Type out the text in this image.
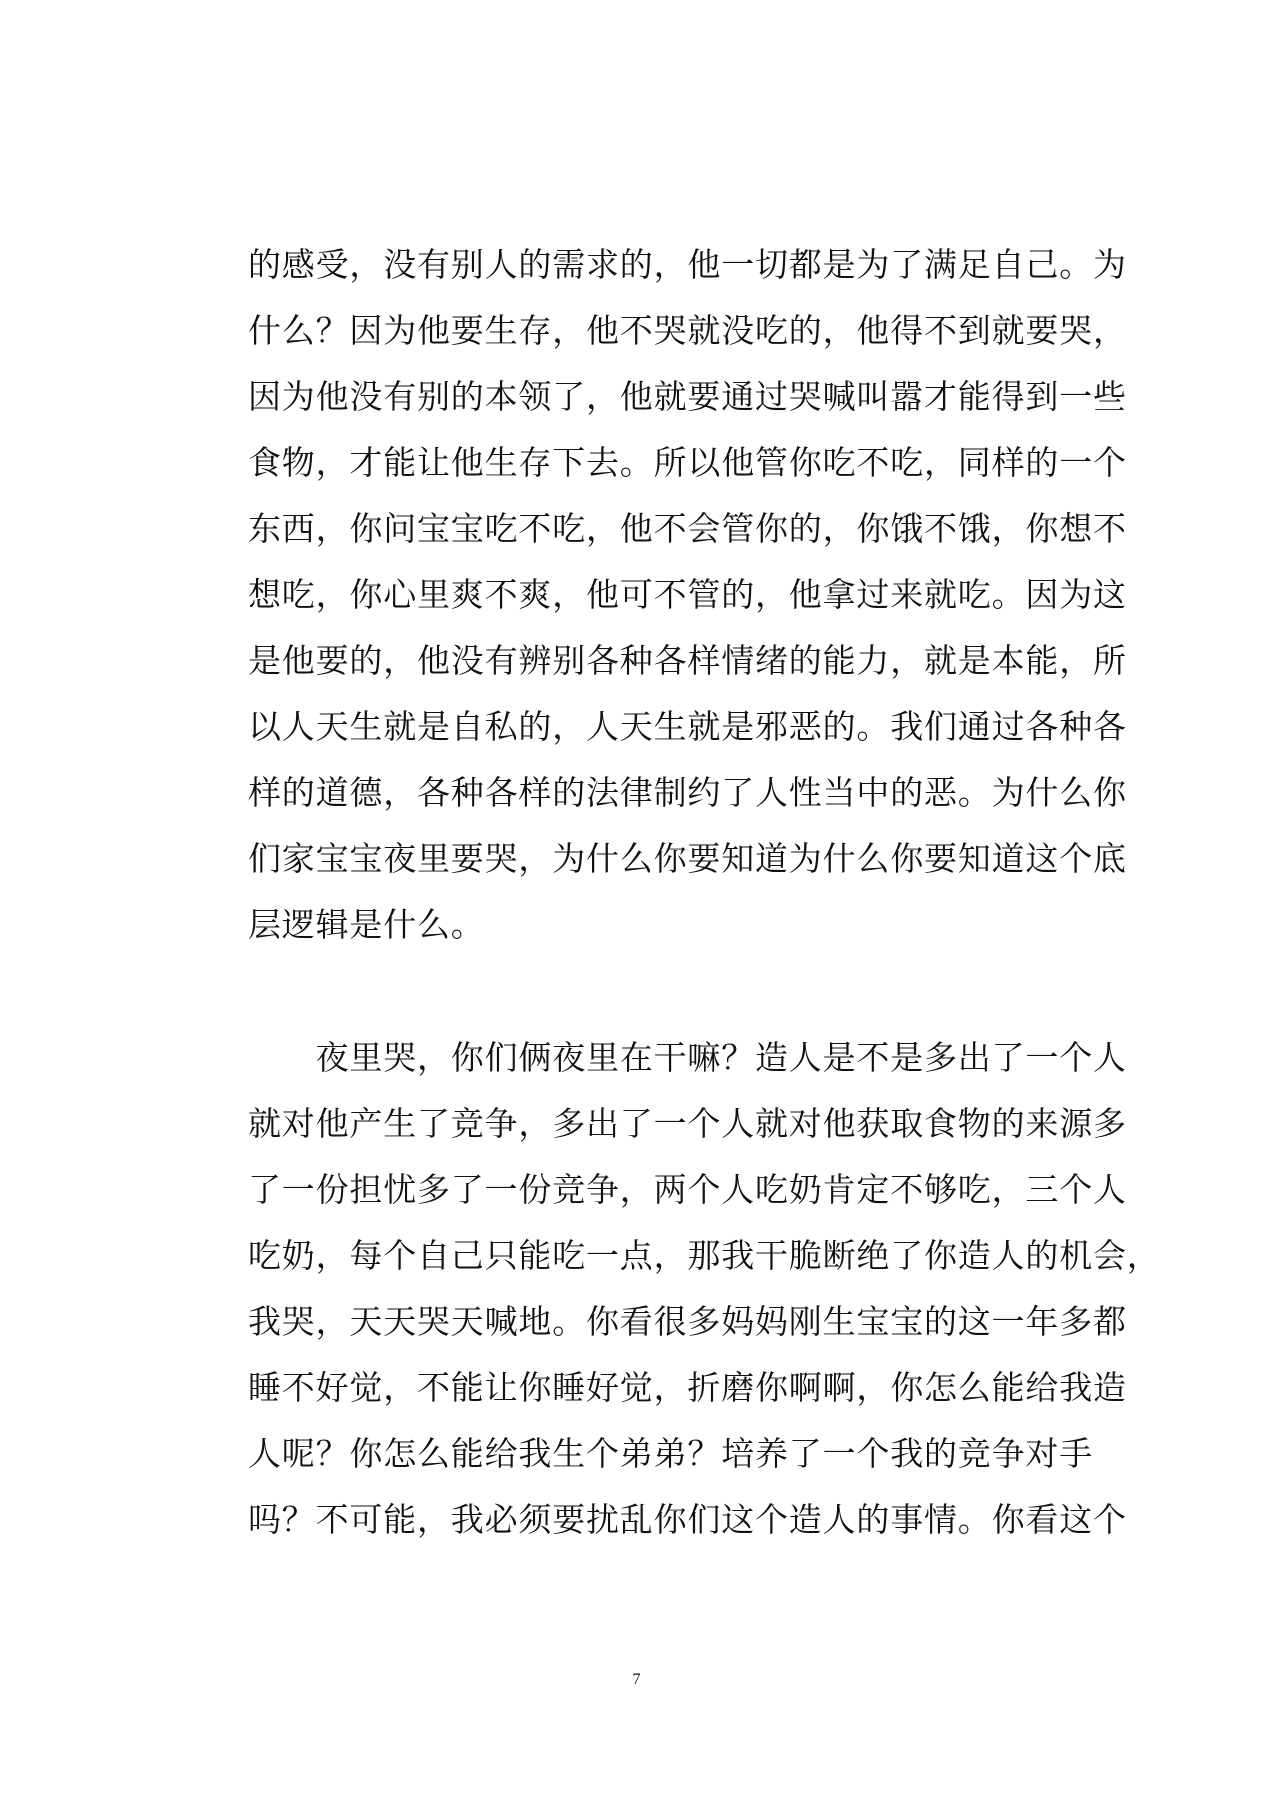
的感受，没有别人的需求的，他一切都是为了满足自己。为
什么？因为他要生存，他不哭就没吃的，他得不到就要哭，
因为他没有别的本领了，他就要通过哭喊叫嚣才能得到一些
食物，才能让他生存下去。所以他管你吃不吃，同样的一个
东西，你问宝宝吃不吃，他不会管你的，你饿不饿，你想不
想吃，你心里爽不爽，他可不管的，他拿过来就吃。因为这
是他要的，他没有辨别各种各样情绪的能力，就是本能，所
以人天生就是自私的，人天生就是邪恶的。我们通过各种各
样的道德，各种各样的法律制约了人性当中的恶。为什么你
们家宝宝夜里要哭，为什么你要知道为什么你要知道这个底
层逻辑是什么。
　　夜里哭，你们俩夜里在干嘛？造人是不是多出了一个人
就对他产生了竞争，多出了一个人就对他获取食物的来源多
了一份担忧多了一份竞争，两个人吃奶肯定不够吃，三个人
吃奶，每个自己只能吃一点，那我干脆断绝了你造人的机会，
我哭，天天哭天喊地。你看很多妈妈刚生宝宝的这一年多都
睡不好觉，不能让你睡好觉，折磨你啊啊，你怎么能给我造
人呢？你怎么能给我生个弟弟？培养了一个我的竞争对手
吗？不可能，我必须要扰乱你们这个造人的事情。你看这个
7
